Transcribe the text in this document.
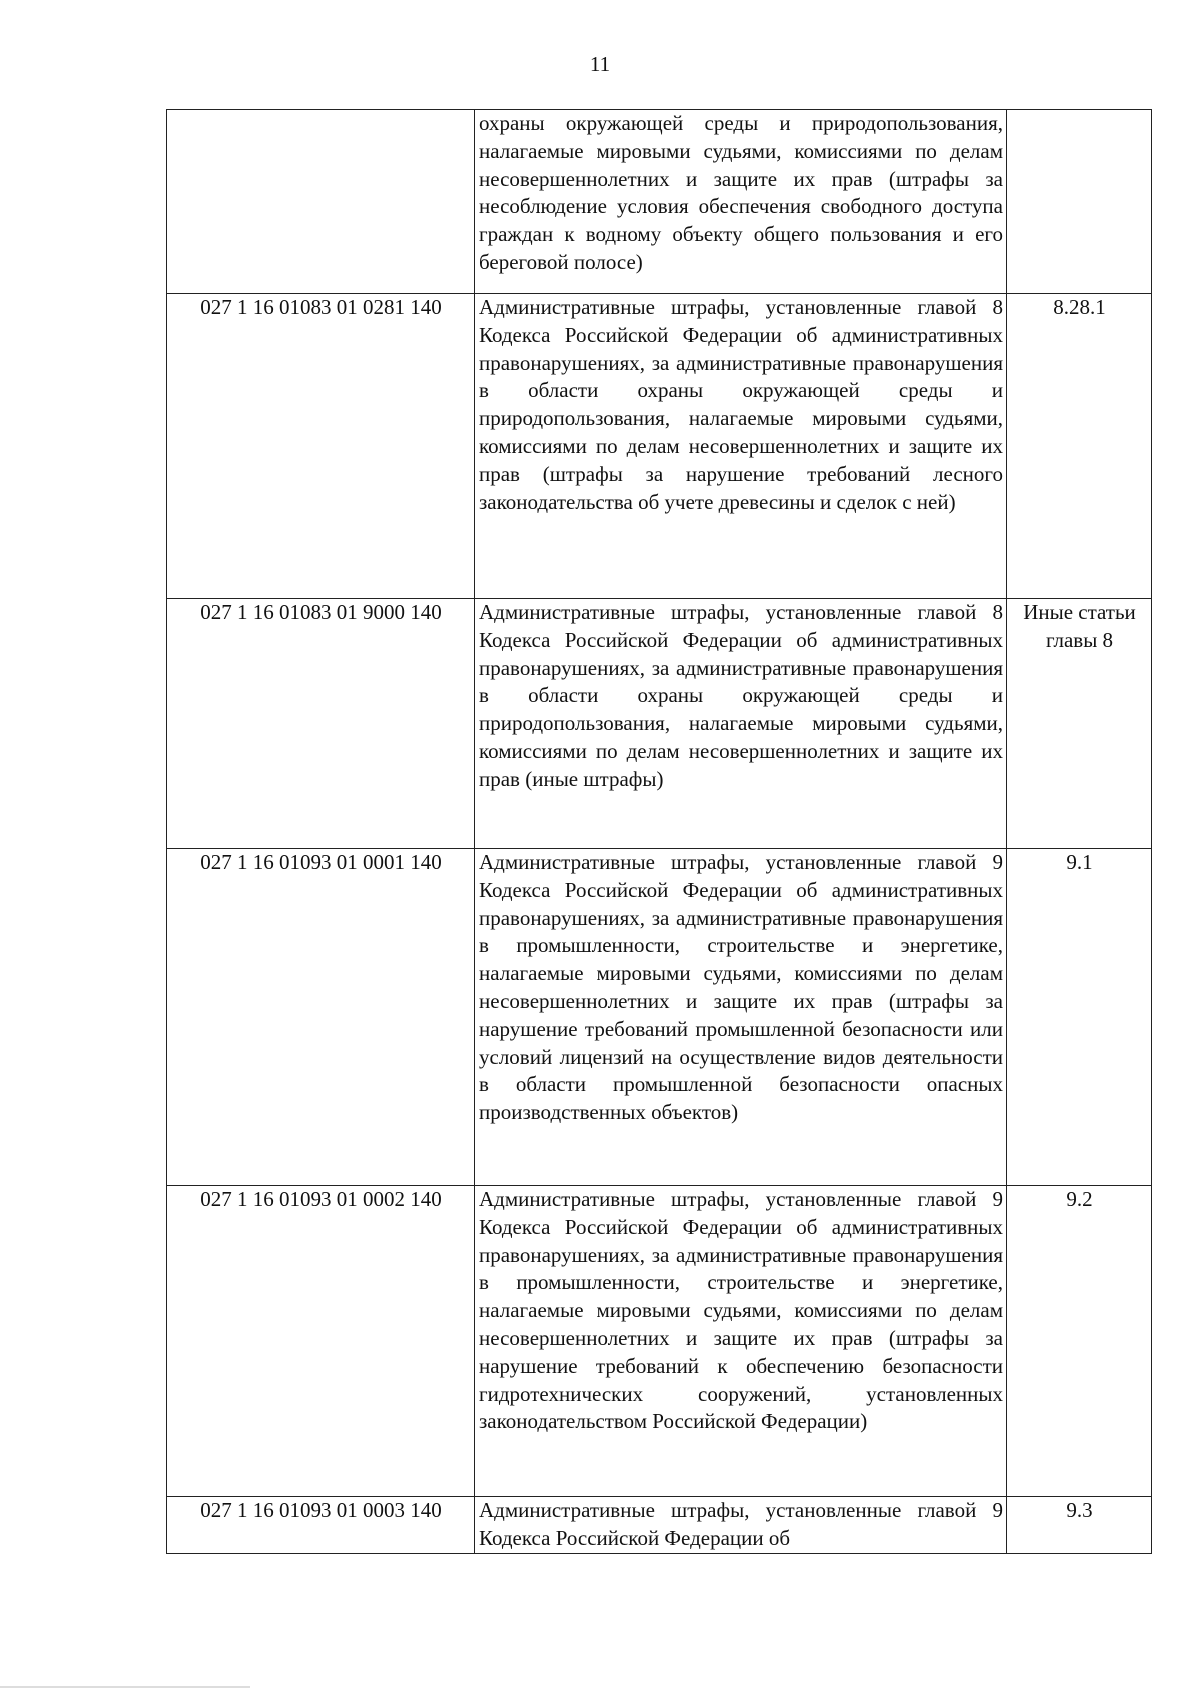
11

	охраны окружающей среды и природопользования, налагаемые мировыми судьями, комиссиями по делам несовершеннолетних и защите их прав (штрафы за несоблюдение условия обеспечения свободного доступа граждан к водному объекту общего пользования и его береговой полосе)	

027 1 16 01083 01 0281 140	Административные штрафы, установленные главой 8 Кодекса Российской Федерации об административных правонарушениях, за административные правонарушения в области охраны окружающей среды и природопользования, налагаемые мировыми судьями, комиссиями по делам несовершеннолетних и защите их прав (штрафы за нарушение требований лесного законодательства об учете древесины и сделок с ней)	8.28.1
027 1 16 01083 01 9000 140	Административные штрафы, установленные главой 8 Кодекса Российской Федерации об административных правонарушениях, за административные правонарушения в области охраны окружающей среды и природопользования, налагаемые мировыми судьями, комиссиями по делам несовершеннолетних и защите их прав (иные штрафы)	Иные статьи главы 8
027 1 16 01093 01 0001 140	Административные штрафы, установленные главой 9 Кодекса Российской Федерации об административных правонарушениях, за административные правонарушения в промышленности, строительстве и энергетике, налагаемые мировыми судьями, комиссиями по делам несовершеннолетних и защите их прав (штрафы за нарушение требований промышленной безопасности или условий лицензий на осуществление видов деятельности в области промышленной безопасности опасных производственных объектов)	9.1
027 1 16 01093 01 0002 140	Административные штрафы, установленные главой 9 Кодекса Российской Федерации об административных правонарушениях, за административные правонарушения в промышленности, строительстве и энергетике, налагаемые мировыми судьями, комиссиями по делам несовершеннолетних и защите их прав (штрафы за нарушение требований к обеспечению безопасности гидротехнических сооружений, установленных законодательством Российской Федерации)	9.2
027 1 16 01093 01 0003 140	Административные штрафы, установленные главой 9 Кодекса Российской Федерации об	9.3
